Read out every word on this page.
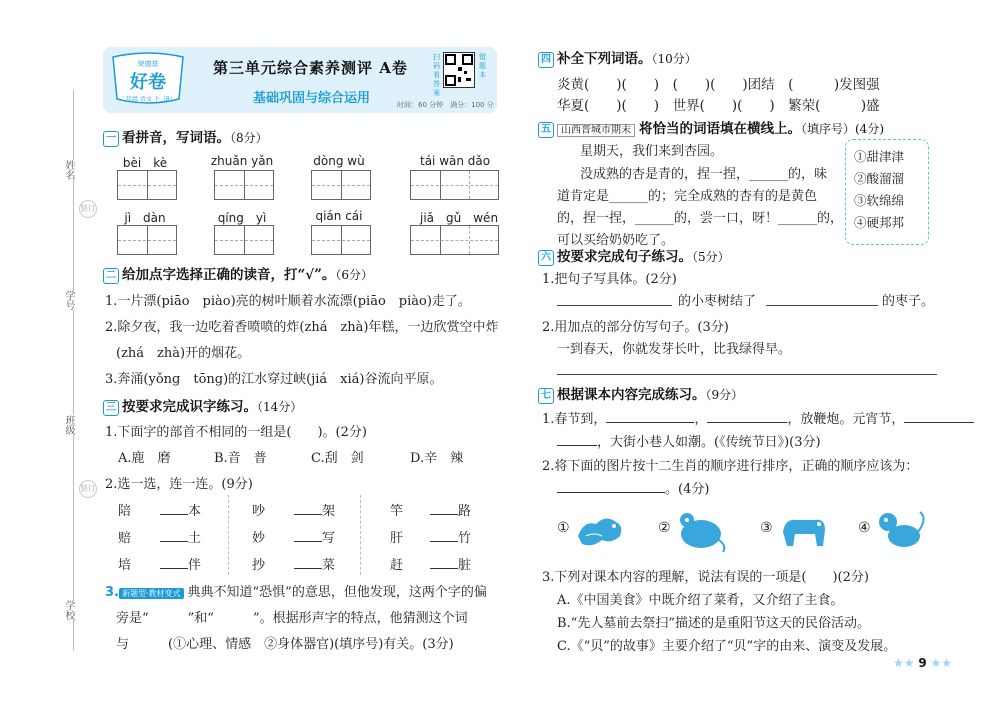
姓名
学号
班级
学校
装订
装订
荣德基
好卷
二年级 语文 下（R）
第三单元综合素养测评 A卷
基础巩固与综合运用	时间：60 分钟　满分：100 分
扫码看答案
错题本
一 看拼音，写词语。（8分）
bèi　kè	zhuǎn yǎn	dòng wù	tái wān dǎo
jì　dàn	qíng　yì	qián cái	jiǎ　gǔ　wén
二 给加点字选择正确的读音，打“√”。（6分）
1.一片漂(piāo　piào)亮的树叶顺着水流漂(piāo　piào)走了。
2.除夕夜，我一边吃着香喷喷的炸(zhá　zhà)年糕，一边欣赏空中炸
(zhá　zhà)开的烟花。
3.奔涌(yǒng　tōng)的江水穿过峡(jiá　xiá)谷流向平原。
三 按要求完成识字练习。（14分）
1.下面字的部首不相同的一组是(　　)。(2分)
A.鹿　磨	B.音　普	C.刮　剑	D.辛　辣
2.选一选，连一连。(9分)
陪	本	吵	架	竿	路
赔	土	妙	写	肝	竹
培	伴	抄	菜	赶	脏
3. 新题型·教材变式 典典不知道“恐惧”的意思，但他发现，这两个字的偏
旁是“　　　”和“　　　”。根据形声字的特点，他猜测这个词
与　　　(①心理、情感　②身体器官)(填序号)有关。(3分)
四 补全下列词语。（10分）
炎黄(　　)(　　)　(　　)(　　)团结　(　　　)发图强
华夏(　　)(　　)　世界(　　)(　　)　繁荣(　　　)盛
五 山西晋城市期末 将恰当的词语填在横线上。（填序号）(4分)
星期天，我们来到杏园。
没成熟的杏是青的，捏一捏，______的，味
道肯定是______的；完全成熟的杏有的是黄色
的，捏一捏，______的，尝一口，呀！______的，
可以买给奶奶吃了。
①甜津津
②酸溜溜
③软绵绵
④硬邦邦
六 按要求完成句子练习。（5分）
1.把句子写具体。(2分)
的小枣树结了	的枣子。
2.用加点的部分仿写句子。(3分)
一到春天，你就发芽长叶，比我绿得早。
七 根据课本内容完成练习。（9分）
1.春节到，	，	，放鞭炮。元宵节，
，大街小巷人如潮。(《传统节日》)(3分)
2.将下面的图片按十二生肖的顺序进行排序，正确的顺序应该为：
。(4分)
①	②	③	④
3.下列对课本内容的理解，说法有误的一项是(　　)(2分)
A.《中国美食》中既介绍了菜肴，又介绍了主食。
B.“先人墓前去祭扫”描述的是重阳节这天的民俗活动。
C.《“贝”的故事》主要介绍了“贝”字的由来、演变及发展。
★★ 9 ★★
